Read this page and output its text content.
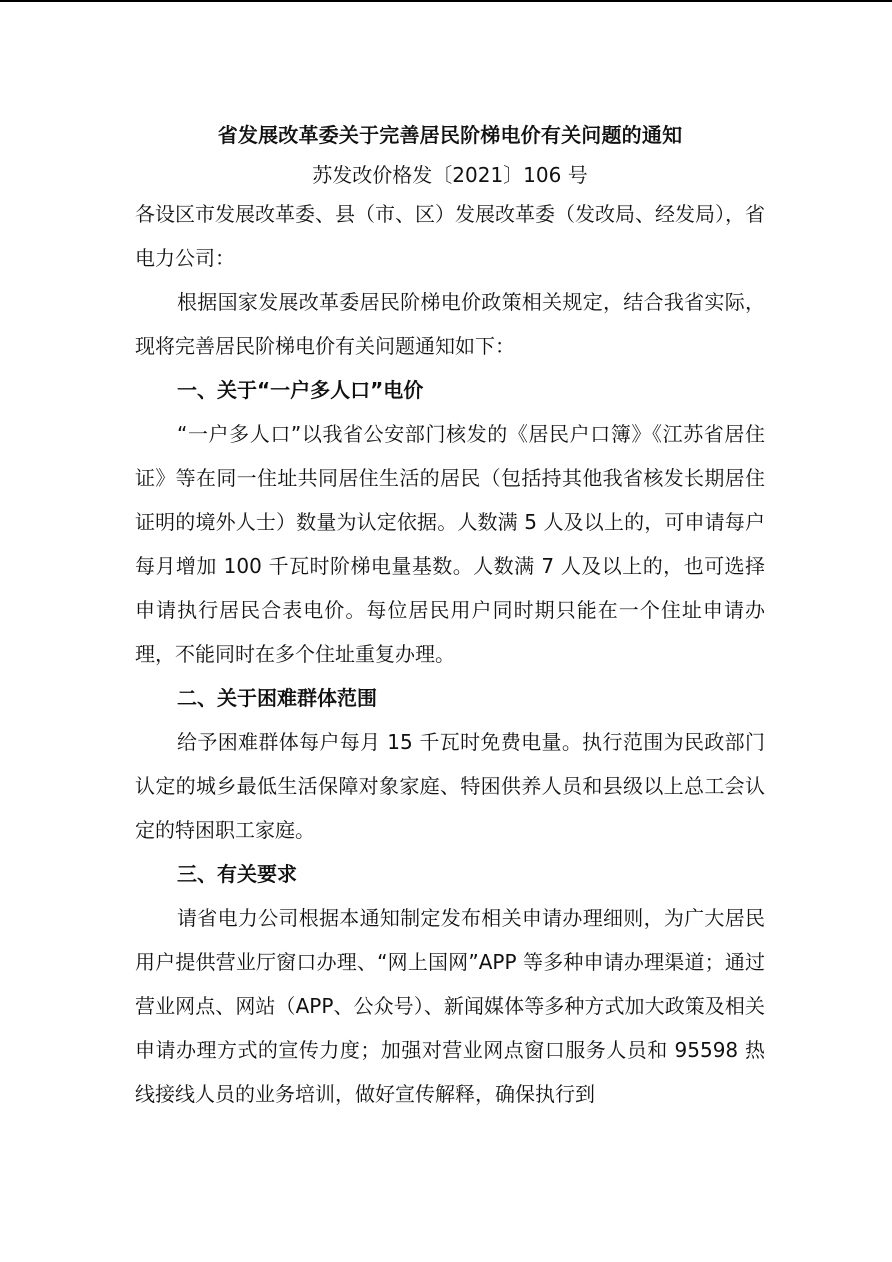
省发展改革委关于完善居民阶梯电价有关问题的通知

苏发改价格发〔2021〕106 号

各设区市发展改革委、县（市、区）发展改革委（发改局、经发局），省电力公司：

根据国家发展改革委居民阶梯电价政策相关规定，结合我省实际，现将完善居民阶梯电价有关问题通知如下：

一、关于“一户多人口”电价

“一户多人口”以我省公安部门核发的《居民户口簿》《江苏省居住证》等在同一住址共同居住生活的居民（包括持其他我省核发长期居住证明的境外人士）数量为认定依据。人数满 5 人及以上的，可申请每户每月增加 100 千瓦时阶梯电量基数。人数满 7 人及以上的，也可选择申请执行居民合表电价。每位居民用户同时期只能在一个住址申请办理，不能同时在多个住址重复办理。

二、关于困难群体范围

给予困难群体每户每月 15 千瓦时免费电量。执行范围为民政部门认定的城乡最低生活保障对象家庭、特困供养人员和县级以上总工会认定的特困职工家庭。

三、有关要求

请省电力公司根据本通知制定发布相关申请办理细则，为广大居民用户提供营业厅窗口办理、“网上国网”APP 等多种申请办理渠道；通过营业网点、网站（APP、公众号）、新闻媒体等多种方式加大政策及相关申请办理方式的宣传力度；加强对营业网点窗口服务人员和 95598 热线接线人员的业务培训，做好宣传解释，确保执行到
